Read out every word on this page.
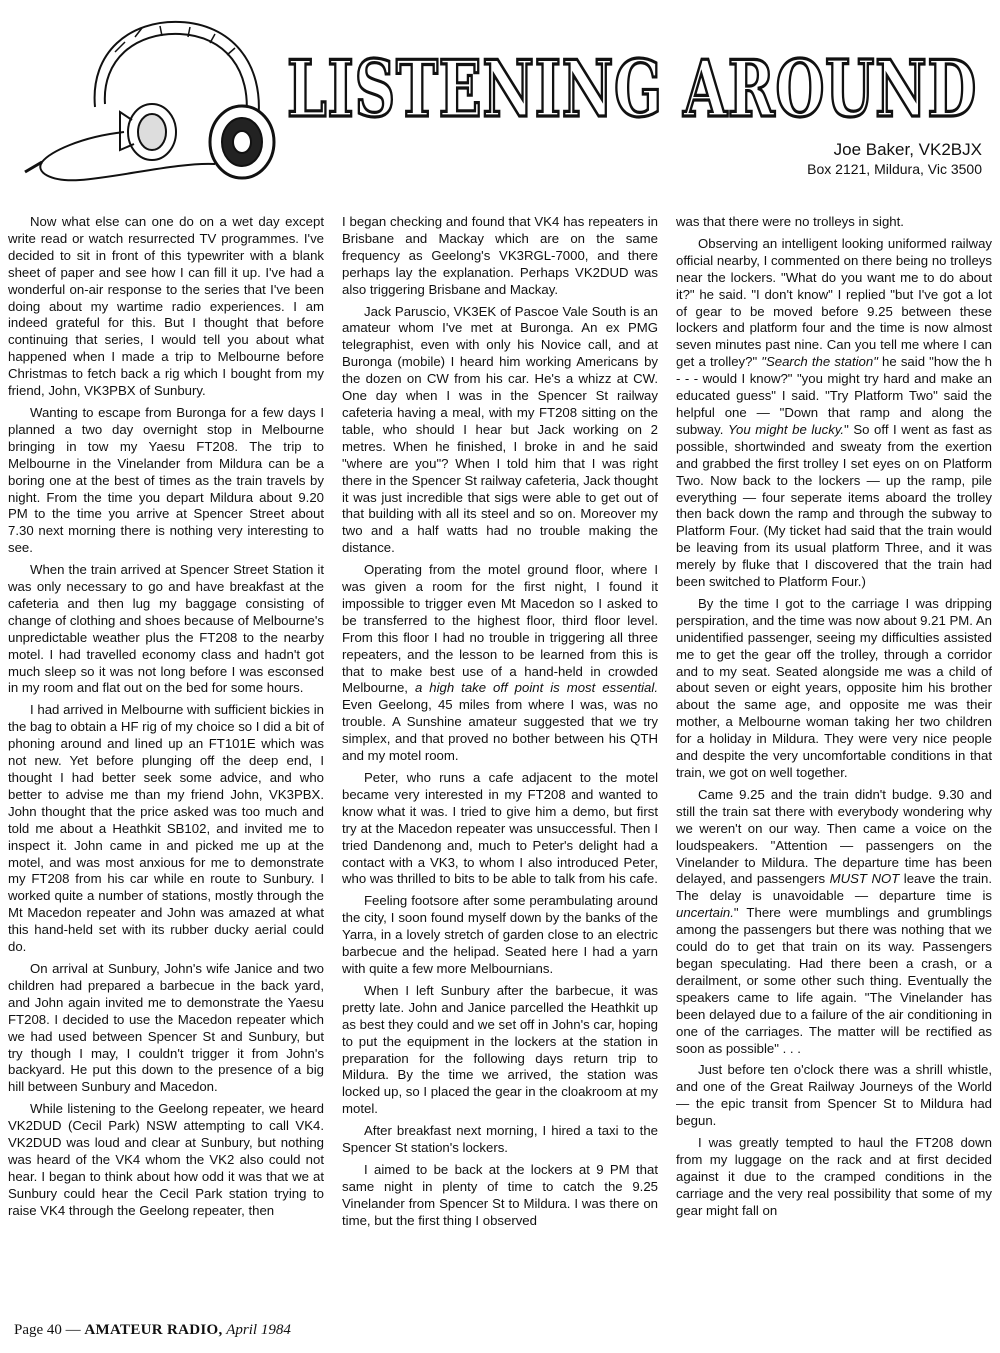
LISTENING AROUND
Joe Baker, VK2BJX
Box 2121, Mildura, Vic 3500

Now what else can one do on a wet day except write read or watch resurrected TV programmes. I've decided to sit in front of this typewriter with a blank sheet of paper and see how I can fill it up. I've had a wonderful on-air response to the series that I've been doing about my wartime radio experiences. I am indeed grateful for this. But I thought that before continuing that series, I would tell you about what happened when I made a trip to Melbourne before Christmas to fetch back a rig which I bought from my friend, John, VK3PBX of Sunbury.

Wanting to escape from Buronga for a few days I planned a two day overnight stop in Melbourne bringing in tow my Yaesu FT208. The trip to Melbourne in the Vinelander from Mildura can be a boring one at the best of times as the train travels by night. From the time you depart Mildura about 9.20 PM to the time you arrive at Spencer Street about 7.30 next morning there is nothing very interesting to see.

When the train arrived at Spencer Street Station it was only necessary to go and have breakfast at the cafeteria and then lug my baggage consisting of change of clothing and shoes because of Melbourne's unpredictable weather plus the FT208 to the nearby motel. I had travelled economy class and hadn't got much sleep so it was not long before I was esconsed in my room and flat out on the bed for some hours.

I had arrived in Melbourne with sufficient bickies in the bag to obtain a HF rig of my choice so I did a bit of phoning around and lined up an FT101E which was not new. Yet before plunging off the deep end, I thought I had better seek some advice, and who better to advise me than my friend John, VK3PBX. John thought that the price asked was too much and told me about a Heathkit SB102, and invited me to inspect it. John came in and picked me up at the motel, and was most anxious for me to demonstrate my FT208 from his car while en route to Sunbury. I worked quite a number of stations, mostly through the Mt Macedon repeater and John was amazed at what this hand-held set with its rubber ducky aerial could do.

On arrival at Sunbury, John's wife Janice and two children had prepared a barbecue in the back yard, and John again invited me to demonstrate the Yaesu FT208. I decided to use the Macedon repeater which we had used between Spencer St and Sunbury, but try though I may, I couldn't trigger it from John's backyard. He put this down to the presence of a big hill between Sunbury and Macedon.

While listening to the Geelong repeater, we heard VK2DUD (Cecil Park) NSW attempting to call VK4. VK2DUD was loud and clear at Sunbury, but nothing was heard of the VK4 whom the VK2 also could not hear. I began to think about how odd it was that we at Sunbury could hear the Cecil Park station trying to raise VK4 through the Geelong repeater, then

I began checking and found that VK4 has repeaters in Brisbane and Mackay which are on the same frequency as Geelong's VK3RGL-7000, and there perhaps lay the explanation. Perhaps VK2DUD was also triggering Brisbane and Mackay.

Jack Paruscio, VK3EK of Pascoe Vale South is an amateur whom I've met at Buronga. An ex PMG telegraphist, even with only his Novice call, and at Buronga (mobile) I heard him working Americans by the dozen on CW from his car. He's a whizz at CW. One day when I was in the Spencer St railway cafeteria having a meal, with my FT208 sitting on the table, who should I hear but Jack working on 2 metres. When he finished, I broke in and he said "where are you"? When I told him that I was right there in the Spencer St railway cafeteria, Jack thought it was just incredible that sigs were able to get out of that building with all its steel and so on. Moreover my two and a half watts had no trouble making the distance.

Operating from the motel ground floor, where I was given a room for the first night, I found it impossible to trigger even Mt Macedon so I asked to be transferred to the highest floor, third floor level. From this floor I had no trouble in triggering all three repeaters, and the lesson to be learned from this is that to make best use of a hand-held in crowded Melbourne, a high take off point is most essential. Even Geelong, 45 miles from where I was, was no trouble. A Sunshine amateur suggested that we try simplex, and that proved no bother between his QTH and my motel room.

Peter, who runs a cafe adjacent to the motel became very interested in my FT208 and wanted to know what it was. I tried to give him a demo, but first try at the Macedon repeater was unsuccessful. Then I tried Dandenong and, much to Peter's delight had a contact with a VK3, to whom I also introduced Peter, who was thrilled to bits to be able to talk from his cafe.

Feeling footsore after some perambulating around the city, I soon found myself down by the banks of the Yarra, in a lovely stretch of garden close to an electric barbecue and the helipad. Seated here I had a yarn with quite a few more Melbournians.

When I left Sunbury after the barbecue, it was pretty late. John and Janice parcelled the Heathkit up as best they could and we set off in John's car, hoping to put the equipment in the lockers at the station in preparation for the following days return trip to Mildura. By the time we arrived, the station was locked up, so I placed the gear in the cloakroom at my motel.

After breakfast next morning, I hired a taxi to the Spencer St station's lockers.

I aimed to be back at the lockers at 9 PM that same night in plenty of time to catch the 9.25 Vinelander from Spencer St to Mildura. I was there on time, but the first thing I observed

was that there were no trolleys in sight.

Observing an intelligent looking uniformed railway official nearby, I commented on there being no trolleys near the lockers. "What do you want me to do about it?" he said. "I don't know" I replied "but I've got a lot of gear to be moved before 9.25 between these lockers and platform four and the time is now almost seven minutes past nine. Can you tell me where I can get a trolley?" "Search the station" he said "how the h - - - would I know?" "you might try hard and make an educated guess" I said. "Try Platform Two" said the helpful one — "Down that ramp and along the subway. You might be lucky." So off I went as fast as possible, shortwinded and sweaty from the exertion and grabbed the first trolley I set eyes on on Platform Two. Now back to the lockers — up the ramp, pile everything — four seperate items aboard the trolley then back down the ramp and through the subway to Platform Four. (My ticket had said that the train would be leaving from its usual platform Three, and it was merely by fluke that I discovered that the train had been switched to Platform Four.)

By the time I got to the carriage I was dripping perspiration, and the time was now about 9.21 PM. An unidentified passenger, seeing my difficulties assisted me to get the gear off the trolley, through a corridor and to my seat. Seated alongside me was a child of about seven or eight years, opposite him his brother about the same age, and opposite me was their mother, a Melbourne woman taking her two children for a holiday in Mildura. They were very nice people and despite the very uncomfortable conditions in that train, we got on well together.

Came 9.25 and the train didn't budge. 9.30 and still the train sat there with everybody wondering why we weren't on our way. Then came a voice on the loudspeakers. "Attention — passengers on the Vinelander to Mildura. The departure time has been delayed, and passengers MUST NOT leave the train. The delay is unavoidable — departure time is uncertain." There were mumblings and grumblings among the passengers but there was nothing that we could do to get that train on its way. Passengers began speculating. Had there been a crash, or a derailment, or some other such thing. Eventually the speakers came to life again. "The Vinelander has been delayed due to a failure of the air conditioning in one of the carriages. The matter will be rectified as soon as possible" . . .

Just before ten o'clock there was a shrill whistle, and one of the Great Railway Journeys of the World — the epic transit from Spencer St to Mildura had begun.

I was greatly tempted to haul the FT208 down from my luggage on the rack and at first decided against it due to the cramped conditions in the carriage and the very real possibility that some of my gear might fall on

Page 40 — AMATEUR RADIO, April 1984
